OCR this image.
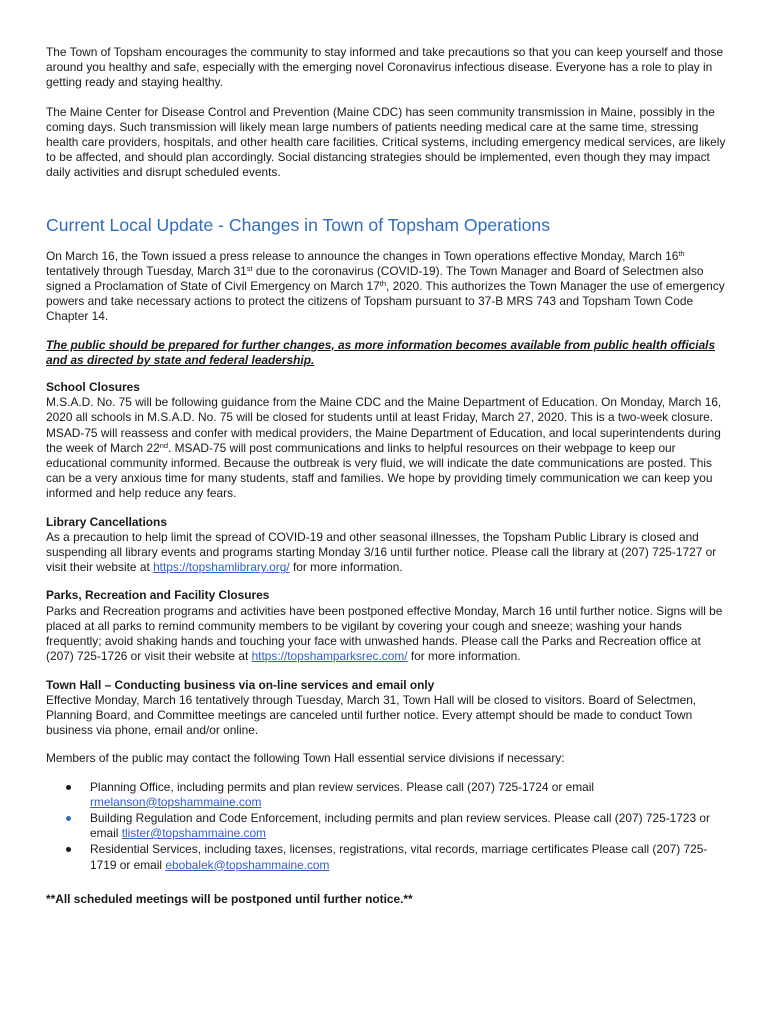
The Town of Topsham encourages the community to stay informed and take precautions so that you can keep yourself and those around you healthy and safe, especially with the emerging novel Coronavirus infectious disease. Everyone has a role to play in getting ready and staying healthy.

The Maine Center for Disease Control and Prevention (Maine CDC) has seen community transmission in Maine, possibly in the coming days. Such transmission will likely mean large numbers of patients needing medical care at the same time, stressing health care providers, hospitals, and other health care facilities. Critical systems, including emergency medical services, are likely to be affected, and should plan accordingly. Social distancing strategies should be implemented, even though they may impact daily activities and disrupt scheduled events.

Current Local Update - Changes in Town of Topsham Operations

On March 16, the Town issued a press release to announce the changes in Town operations effective Monday, March 16th tentatively through Tuesday, March 31st due to the coronavirus (COVID-19). The Town Manager and Board of Selectmen also signed a Proclamation of State of Civil Emergency on March 17th, 2020. This authorizes the Town Manager the use of emergency powers and take necessary actions to protect the citizens of Topsham pursuant to 37-B MRS 743 and Topsham Town Code Chapter 14.

The public should be prepared for further changes, as more information becomes available from public health officials and as directed by state and federal leadership.

School Closures

M.S.A.D. No. 75 will be following guidance from the Maine CDC and the Maine Department of Education. On Monday, March 16, 2020 all schools in M.S.A.D. No. 75 will be closed for students until at least Friday, March 27, 2020. This is a two-week closure. MSAD-75 will reassess and confer with medical providers, the Maine Department of Education, and local superintendents during the week of March 22nd. MSAD-75 will post communications and links to helpful resources on their webpage to keep our educational community informed. Because the outbreak is very fluid, we will indicate the date communications are posted. This can be a very anxious time for many students, staff and families. We hope by providing timely communication we can keep you informed and help reduce any fears.

Library Cancellations

As a precaution to help limit the spread of COVID-19 and other seasonal illnesses, the Topsham Public Library is closed and suspending all library events and programs starting Monday 3/16 until further notice. Please call the library at (207) 725-1727 or visit their website at https://topshamlibrary.org/ for more information.

Parks, Recreation and Facility Closures

Parks and Recreation programs and activities have been postponed effective Monday, March 16 until further notice. Signs will be placed at all parks to remind community members to be vigilant by covering your cough and sneeze; washing your hands frequently; avoid shaking hands and touching your face with unwashed hands. Please call the Parks and Recreation office at (207) 725-1726 or visit their website at https://topshamparksrec.com/ for more information.

Town Hall – Conducting business via on-line services and email only

Effective Monday, March 16 tentatively through Tuesday, March 31, Town Hall will be closed to visitors. Board of Selectmen, Planning Board, and Committee meetings are canceled until further notice. Every attempt should be made to conduct Town business via phone, email and/or online.

Members of the public may contact the following Town Hall essential service divisions if necessary:

Planning Office, including permits and plan review services. Please call (207) 725-1724 or email rmelanson@topshammaine.com
Building Regulation and Code Enforcement, including permits and plan review services. Please call (207) 725-1723 or email tlister@topshammaine.com
Residential Services, including taxes, licenses, registrations, vital records, marriage certificates Please call (207) 725-1719 or email ebobalek@topshammaine.com

**All scheduled meetings will be postponed until further notice.**
